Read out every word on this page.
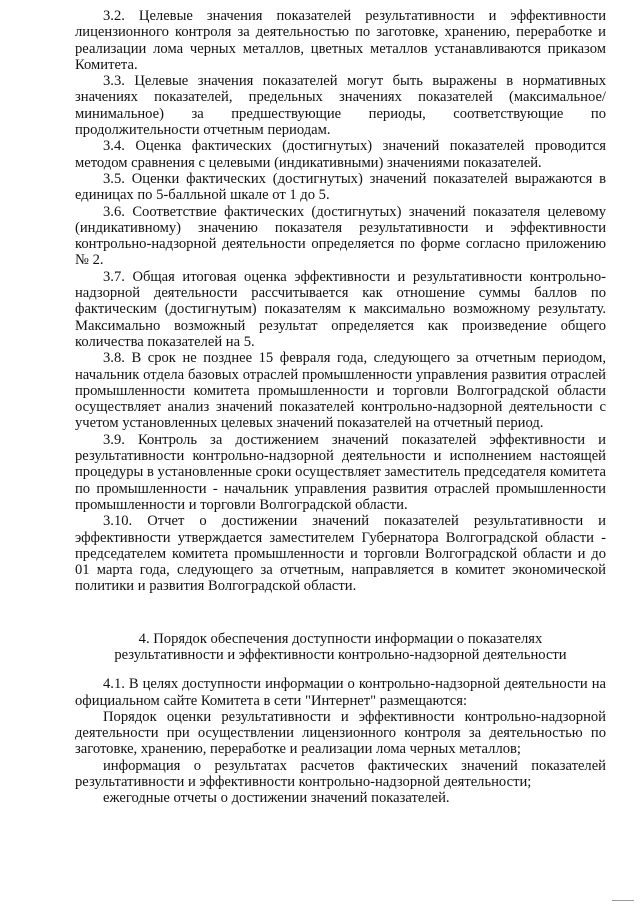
3.2. Целевые значения показателей результативности и эффективности лицензионного контроля за деятельностью по заготовке, хранению, переработке и реализации лома черных металлов, цветных металлов устанавливаются приказом Комитета.

3.3. Целевые значения показателей могут быть выражены в нормативных значениях показателей, предельных значениях показателей (максимальное/минимальное) за предшествующие периоды, соответствующие по продолжительности отчетным периодам.

3.4. Оценка фактических (достигнутых) значений показателей проводится методом сравнения с целевыми (индикативными) значениями показателей.

3.5. Оценки фактических (достигнутых) значений показателей выражаются в единицах по 5-балльной шкале от 1 до 5.

3.6. Соответствие фактических (достигнутых) значений показателя целевому (индикативному) значению показателя результативности и эффективности контрольно-надзорной деятельности определяется по форме согласно приложению № 2.

3.7. Общая итоговая оценка эффективности и результативности контрольно-надзорной деятельности рассчитывается как отношение суммы баллов по фактическим (достигнутым) показателям к максимально возможному результату. Максимально возможный результат определяется как произведение общего количества показателей на 5.

3.8. В срок не позднее 15 февраля года, следующего за отчетным периодом, начальник отдела базовых отраслей промышленности управления развития отраслей промышленности комитета промышленности и торговли Волгоградской области осуществляет анализ значений показателей контрольно-надзорной деятельности с учетом установленных целевых значений показателей на отчетный период.

3.9. Контроль за достижением значений показателей эффективности и результативности контрольно-надзорной деятельности и исполнением настоящей процедуры в установленные сроки осуществляет заместитель председателя комитета по промышленности - начальник управления развития отраслей промышленности промышленности и торговли Волгоградской области.

3.10. Отчет о достижении значений показателей результативности и эффективности утверждается заместителем Губернатора Волгоградской области - председателем комитета промышленности и торговли Волгоградской области и до 01 марта года, следующего за отчетным, направляется в комитет экономической политики и развития Волгоградской области.

4. Порядок обеспечения доступности информации о показателях
результативности и эффективности контрольно-надзорной деятельности

4.1. В целях доступности информации о контрольно-надзорной деятельности на официальном сайте Комитета в сети "Интернет" размещаются:

Порядок оценки результативности и эффективности контрольно-надзорной деятельности при осуществлении лицензионного контроля за деятельностью по заготовке, хранению, переработке и реализации лома черных металлов;

информация о результатах расчетов фактических значений показателей результативности и эффективности контрольно-надзорной деятельности;

ежегодные отчеты о достижении значений показателей.
